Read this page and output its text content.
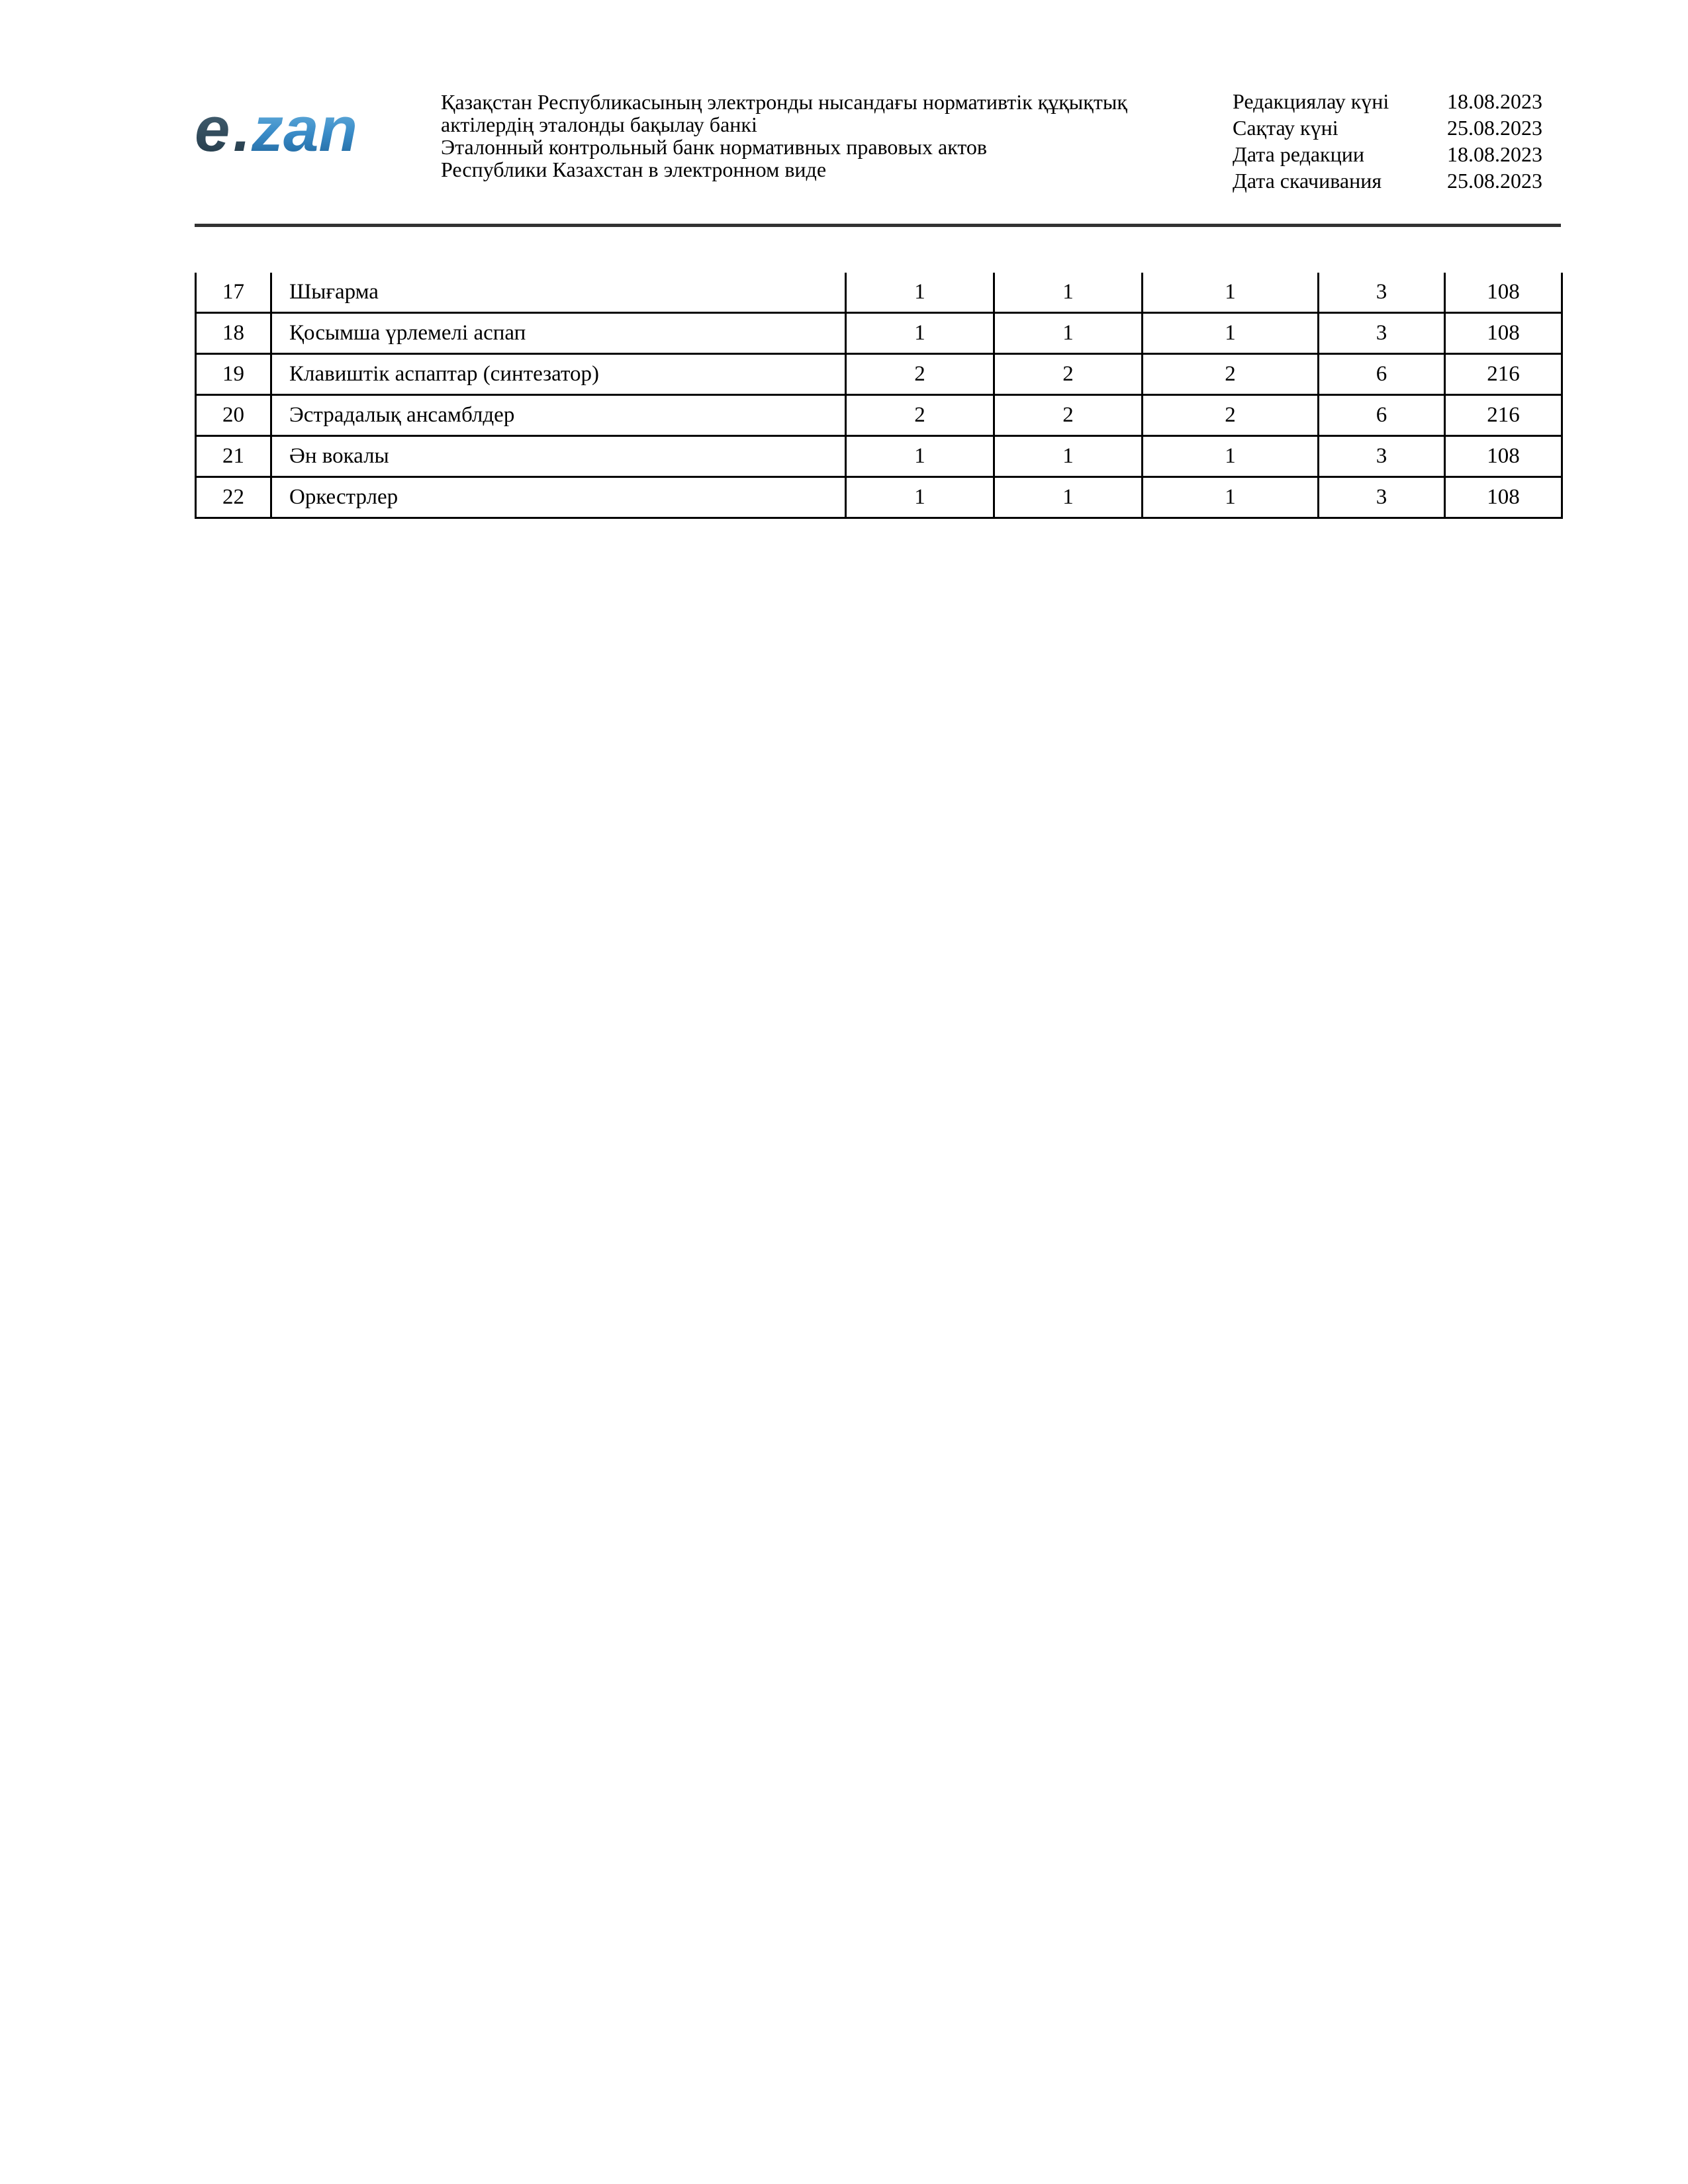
e . zan	Қазақстан Республикасының электронды нысандағы нормативтік құқықтық
актілердің эталонды бақылау банкі
Эталонный контрольный банк нормативных правовых актов
Республики Казахстан в электронном виде
Редакциялау күні	18.08.2023
Сақтау күні	25.08.2023
Дата редакции	18.08.2023
Дата скачивания	25.08.2023
17	Шығарма	1	1	1	3	108
18	Қосымша үрлемелі аспап	1	1	1	3	108
19	Клавиштік аспаптар (синтезатор)	2	2	2	6	216
20	Эстрадалық ансамблдер	2	2	2	6	216
21	Ән вокалы	1	1	1	3	108
22	Оркестрлер	1	1	1	3	108
